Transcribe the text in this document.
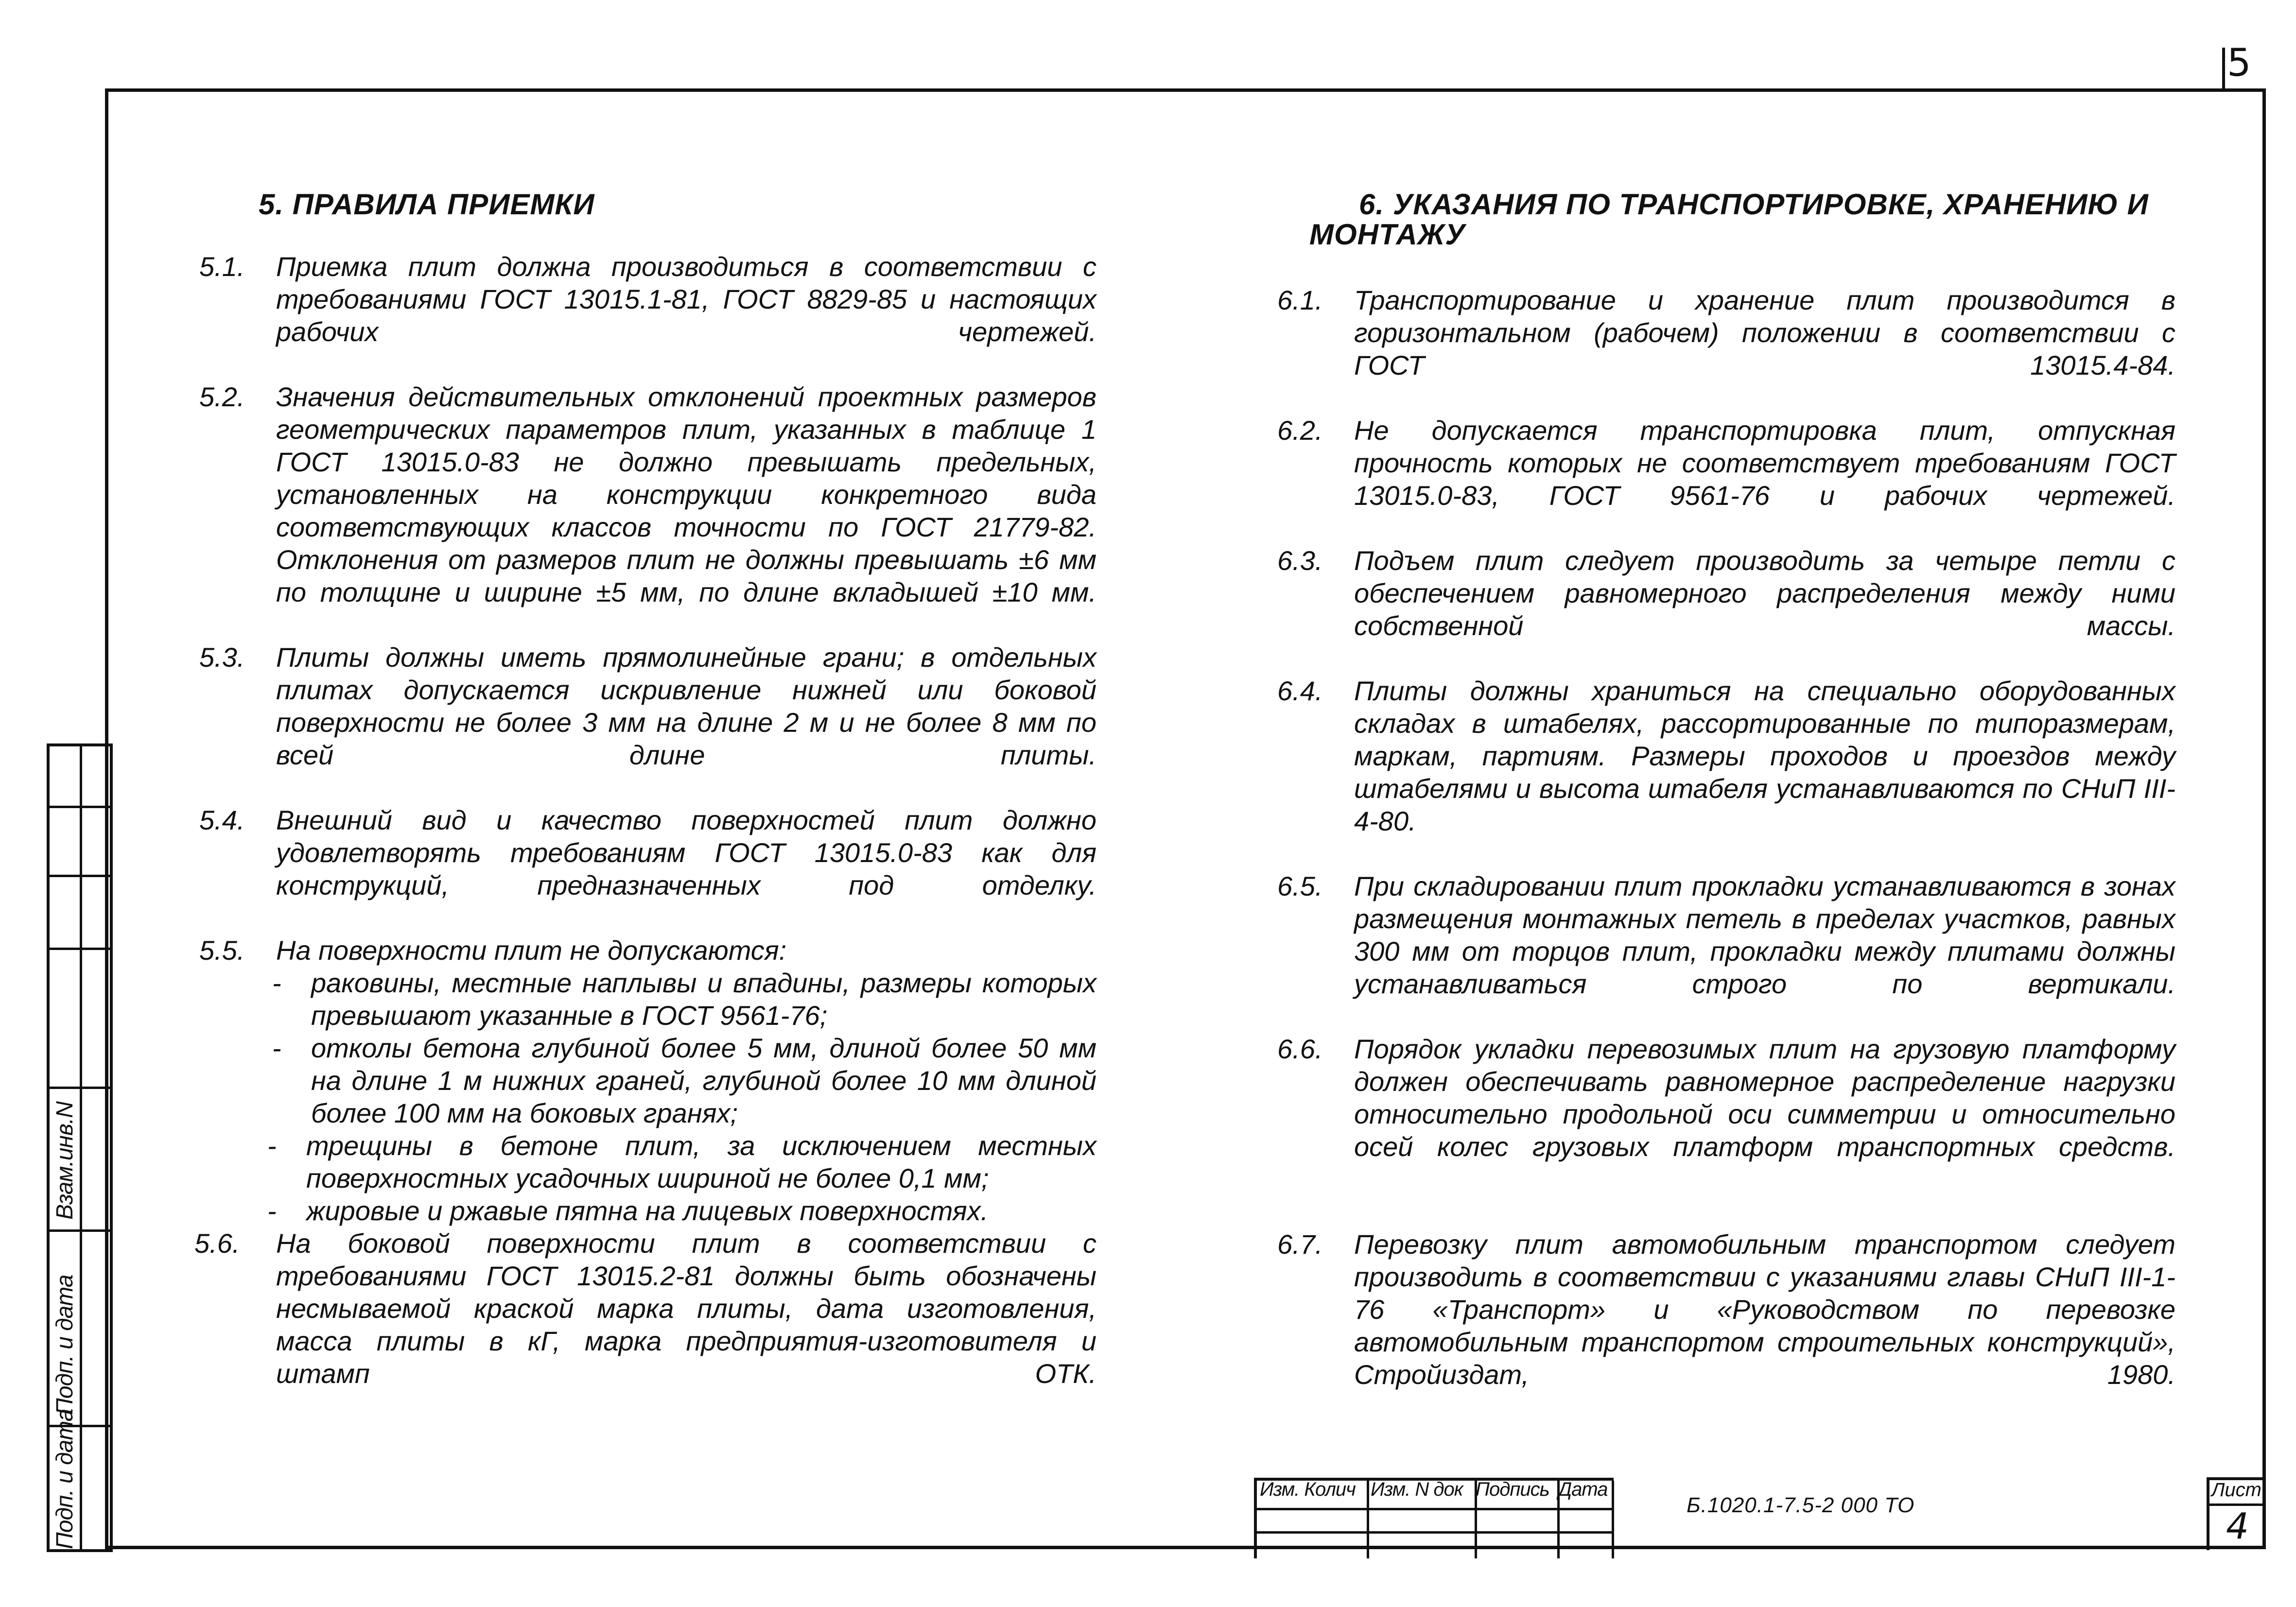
5
5. ПРАВИЛА ПРИЕМКИ
5.1. Приемка плит должна производиться в соответствии с требованиями ГОСТ 13015.1-81, ГОСТ 8829-85 и настоящих рабочих чертежей.
5.2. Значения действительных отклонений проектных размеров геометрических параметров плит, указанных в таблице 1 ГОСТ 13015.0-83 не должно превышать предельных, установленных на конструкции конкретного вида соответствующих классов точности по ГОСТ 21779-82. Отклонения от размеров плит не должны превышать ±6 мм по толщине и ширине ±5 мм, по длине вкладышей ±10 мм.
5.3. Плиты должны иметь прямолинейные грани; в отдельных плитах допускается искривление нижней или боковой поверхности не более 3 мм на длине 2 м и не более 8 мм по всей длине плиты.
5.4. Внешний вид и качество поверхностей плит должно удовлетворять требованиям ГОСТ 13015.0-83 как для конструкций, предназначенных под отделку.
5.5. На поверхности плит не допускаются:
- раковины, местные наплывы и впадины, размеры которых превышают указанные в ГОСТ 9561-76;
- отколы бетона глубиной более 5 мм, длиной более 50 мм на длине 1 м нижних граней, глубиной более 10 мм длиной более 100 мм на боковых гранях;
- трещины в бетоне плит, за исключением местных поверхностных усадочных шириной не более 0,1 мм;
- жировые и ржавые пятна на лицевых поверхностях.
5.6. На боковой поверхности плит в соответствии с требованиями ГОСТ 13015.2-81 должны быть обозначены несмываемой краской марка плиты, дата изготовления, масса плиты в кГ, марка предприятия-изготовителя и штамп ОТК.
6. УКАЗАНИЯ ПО ТРАНСПОРТИРОВКЕ, ХРАНЕНИЮ И
МОНТАЖУ
6.1. Транспортирование и хранение плит производится в горизонтальном (рабочем) положении в соответствии с ГОСТ 13015.4-84.
6.2. Не допускается транспортировка плит, отпускная прочность которых не соответствует требованиям ГОСТ 13015.0-83, ГОСТ 9561-76 и рабочих чертежей.
6.3. Подъем плит следует производить за четыре петли с обеспечением равномерного распределения между ними собственной массы.
6.4. Плиты должны храниться на специально оборудованных складах в штабелях, рассортированные по типоразмерам, маркам, партиям. Размеры проходов и проездов между штабелями и высота штабеля устанавливаются по СНиП III-4-80.
6.5. При складировании плит прокладки устанавливаются в зонах размещения монтажных петель в пределах участков, равных 300 мм от торцов плит, прокладки между плитами должны устанавливаться строго по вертикали.
6.6. Порядок укладки перевозимых плит на грузовую платформу должен обеспечивать равномерное распределение нагрузки относительно продольной оси симметрии и относительно осей колес грузовых платформ транспортных средств.
6.7. Перевозку плит автомобильным транспортом следует производить в соответствии с указаниями главы СНиП III-1-76 «Транспорт» и «Руководством по перевозке автомобильным транспортом строительных конструкций», Стройиздат, 1980.
Взам.инв.N
Подп. и дата
Подп. и дата	Изм. Колич Изм. N док Подпись Дата
Б.1020.1-7.5-2 000 ТО
Лист
4
